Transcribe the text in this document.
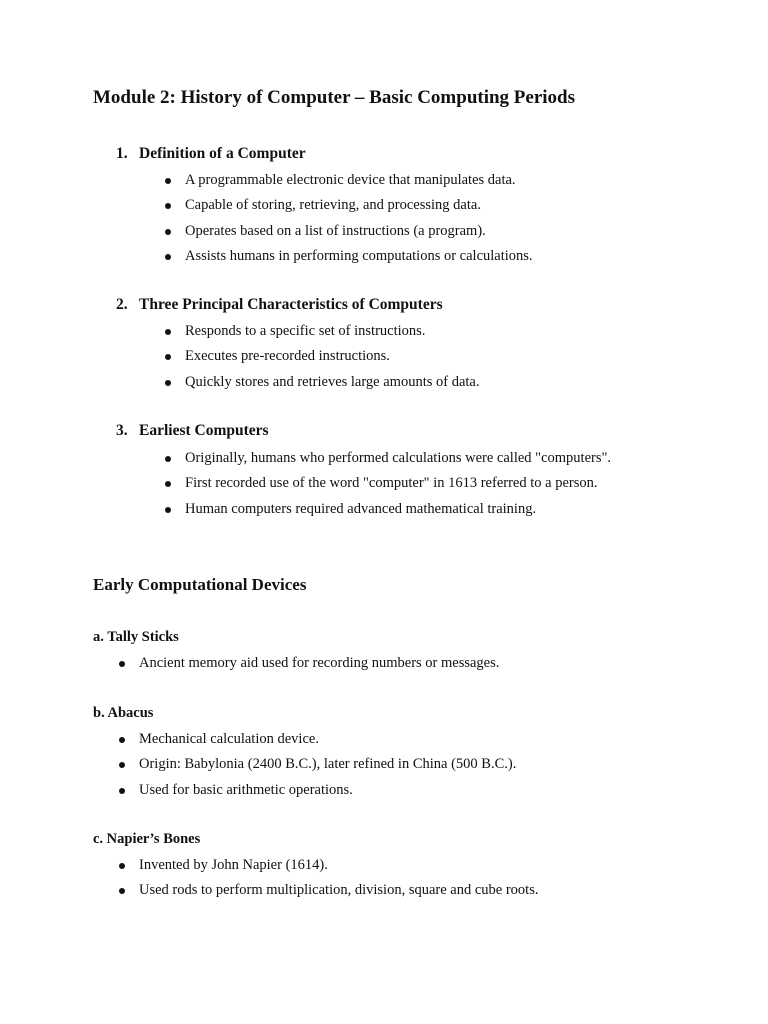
Module 2: History of Computer – Basic Computing Periods
1. Definition of a Computer
A programmable electronic device that manipulates data.
Capable of storing, retrieving, and processing data.
Operates based on a list of instructions (a program).
Assists humans in performing computations or calculations.
2. Three Principal Characteristics of Computers
Responds to a specific set of instructions.
Executes pre-recorded instructions.
Quickly stores and retrieves large amounts of data.
3. Earliest Computers
Originally, humans who performed calculations were called "computers".
First recorded use of the word "computer" in 1613 referred to a person.
Human computers required advanced mathematical training.
Early Computational Devices
a. Tally Sticks
Ancient memory aid used for recording numbers or messages.
b. Abacus
Mechanical calculation device.
Origin: Babylonia (2400 B.C.), later refined in China (500 B.C.).
Used for basic arithmetic operations.
c. Napier’s Bones
Invented by John Napier (1614).
Used rods to perform multiplication, division, square and cube roots.
